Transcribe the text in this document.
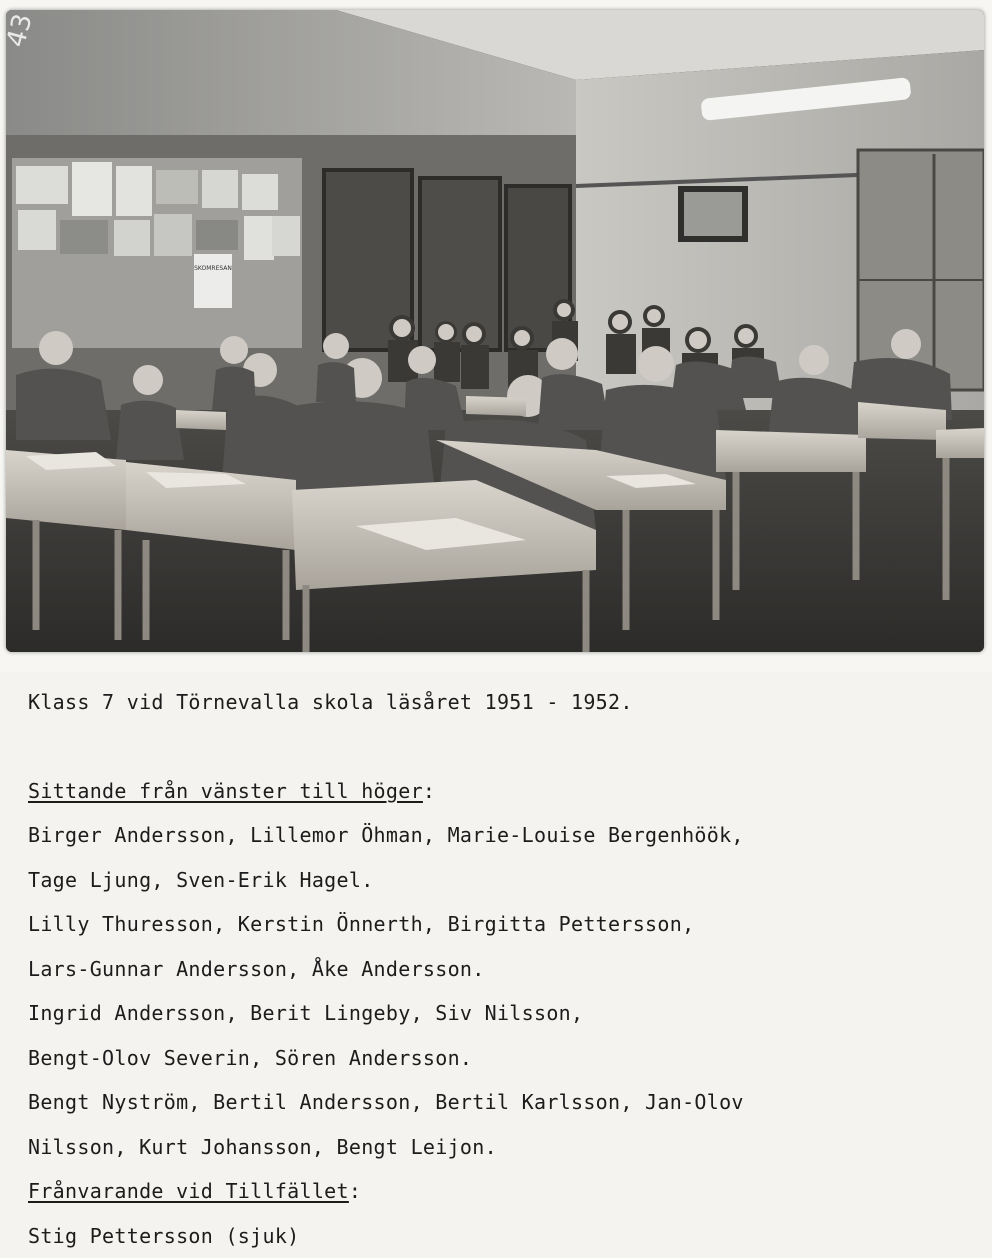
SKOMRESAN
43

Klass 7 vid Törnevalla skola läsåret 1951 - 1952.

Sittande från vänster till höger:

Birger Andersson, Lillemor Öhman, Marie-Louise Bergenhöök,

Tage Ljung, Sven-Erik Hagel.

Lilly Thuresson, Kerstin Önnerth, Birgitta Pettersson,

Lars-Gunnar Andersson, Åke Andersson.

Ingrid Andersson, Berit Lingeby, Siv Nilsson,

Bengt-Olov Severin, Sören Andersson.

Bengt Nyström, Bertil Andersson, Bertil Karlsson, Jan-Olov

Nilsson, Kurt Johansson, Bengt Leijon.

Frånvarande vid Tillfället:

Stig Pettersson (sjuk)
